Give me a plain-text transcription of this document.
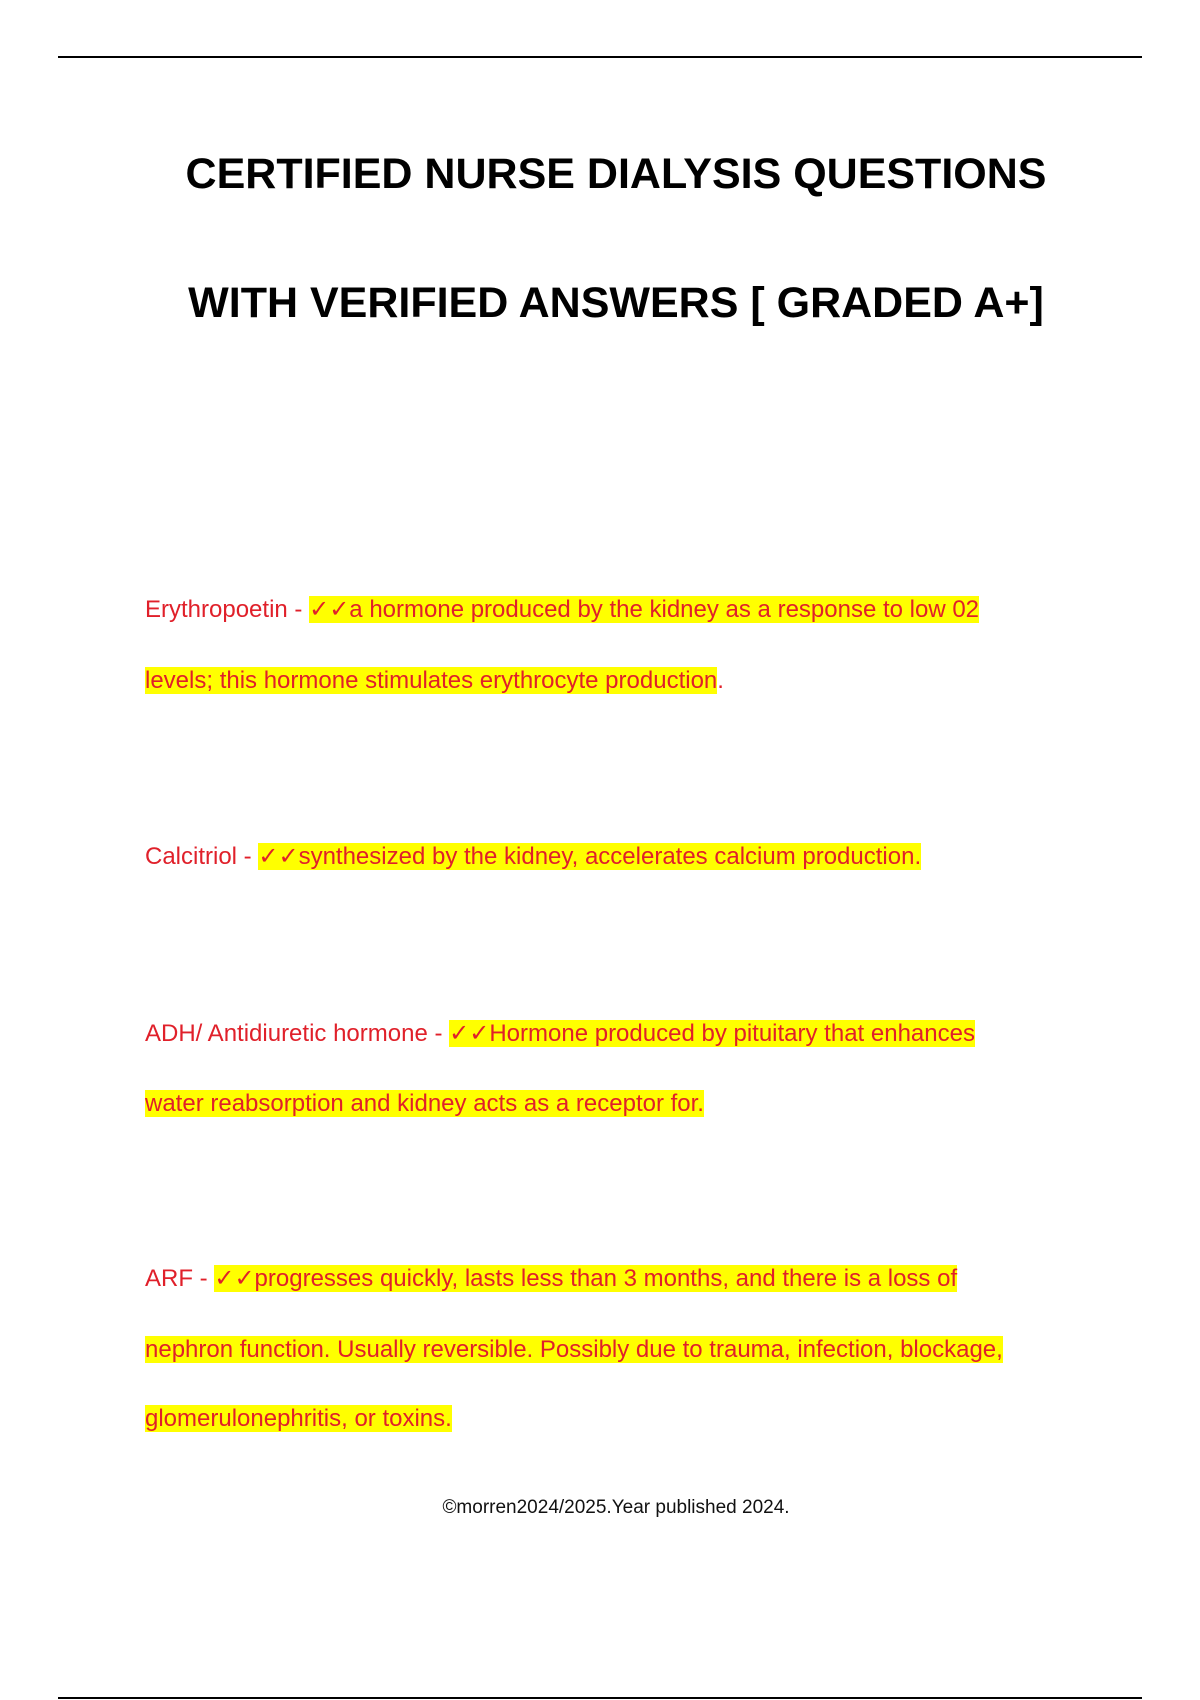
CERTIFIED NURSE DIALYSIS QUESTIONS
WITH VERIFIED ANSWERS [ GRADED A+]
Erythropoetin - ✓✓a hormone produced by the kidney as a response to low 02
levels; this hormone stimulates erythrocyte production.
Calcitriol - ✓✓synthesized by the kidney, accelerates calcium production.
ADH/ Antidiuretic hormone - ✓✓Hormone produced by pituitary that enhances
water reabsorption and kidney acts as a receptor for.
ARF - ✓✓progresses quickly, lasts less than 3 months, and there is a loss of
nephron function. Usually reversible. Possibly due to trauma, infection, blockage,
glomerulonephritis, or toxins.
©morren2024/2025.Year published 2024.
